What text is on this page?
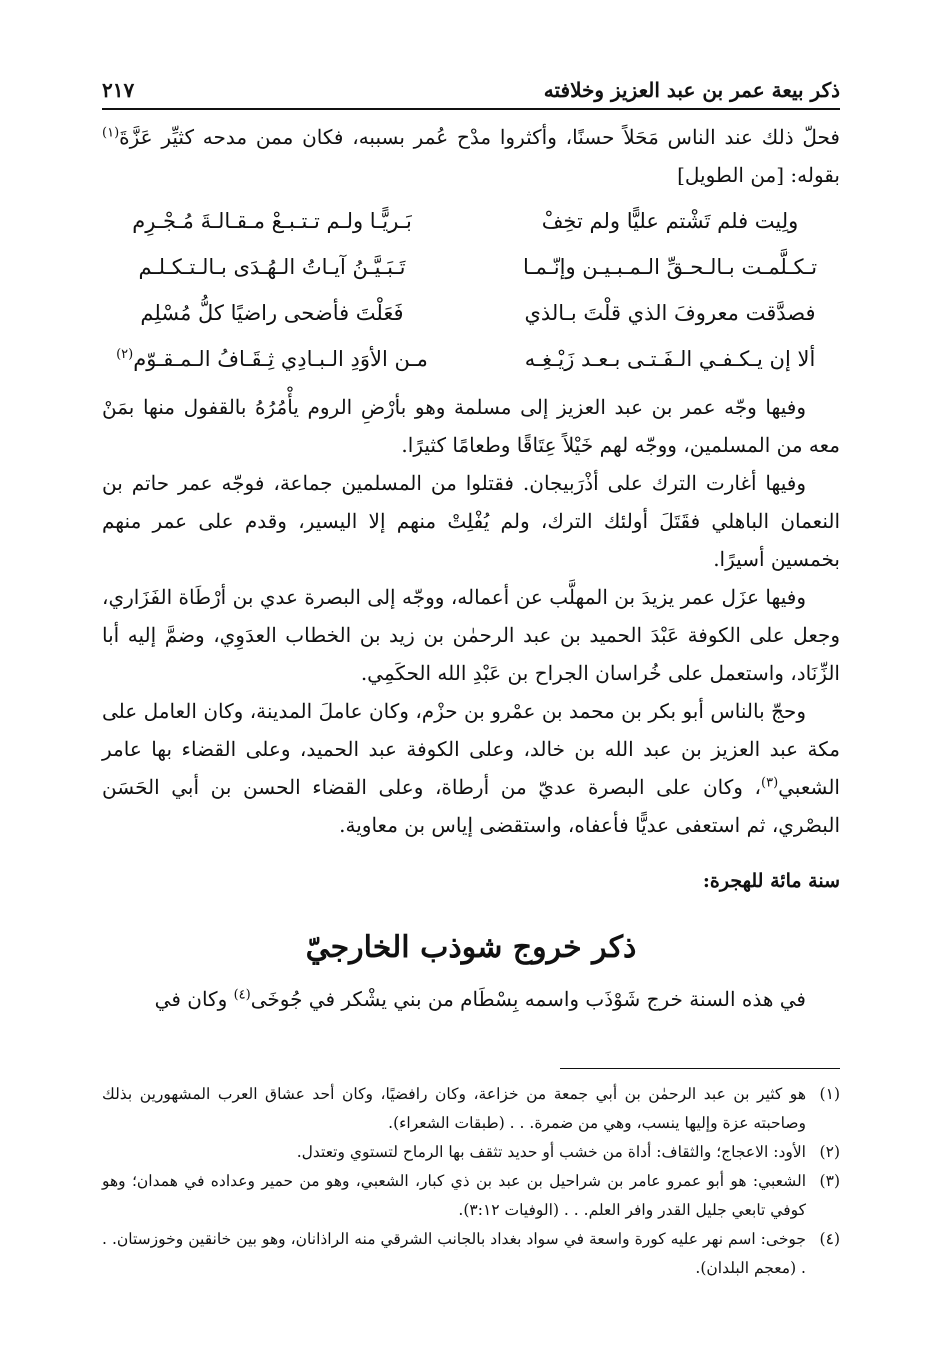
ذكر بيعة عمر بن عبد العزيز وخلافته
٢١٧

فحلّ ذلك عند الناس مَحَلاً حسنًا، وأكثروا مدْح عُمر بسببه، فكان ممن مدحه كثيِّر عَزَّةَ$^{(١)}$ بقوله: [من الطويل]

ولِيت فلم تَشْتم عليًّا ولم تخِفْ
بَـريًّـا ولـم تـتـبـعْ مـقـالـةَ مُـجْـرِم
تـكـلَّمـت بـالـحـقِّ الـمـبـيـن وإنّـمـا
تَـبَـيَّـنُ آيـاتُ الـهُـدَى بـالـتـكـلـم
فصدَّقت معروفَ الذي قلْتَ بـالذي
فَعَلْتَ فأضحى راضيًا كلُّ مُسْلِم
ألا إن يـكـفـي الـفَـتـى بـعـد زَيْـغِـه
مـن الأوَدِ الـبـادِي ثِـقَـافُ الـمـقـوّم$^{(٢)}$

وفيها وجّه عمر بن عبد العزيز إلى مسلمة وهو بأرْضِ الروم يأْمُرُهُ بالقفول منها بمَنْ معه من المسلمين، ووجّه لهم خَيْلاً عِتَاقًا وطعامًا كثيرًا.

وفيها أغارت الترك على أذْرَبيجان. فقتلوا من المسلمين جماعة، فوجّه عمر حاتم بن النعمان الباهلي فقَتَلَ أولئك الترك، ولم يُفْلِتْ منهم إلا اليسير، وقدم على عمر منهم بخمسين أسيرًا.

وفيها عزَل عمر يزيدَ بن المهلَّب عن أعماله، ووجّه إلى البصرة عدي بن أرْطَاة الفَزَاري، وجعل على الكوفة عَبْدَ الحميد بن عبد الرحمٰن بن زيد بن الخطاب العدَوِي، وضمَّ إليه أبا الزِّنَاد، واستعمل على خُراسان الجراح بن عَبْدِ الله الحكَمِي.

وحجّ بالناس أبو بكر بن محمد بن عمْرو بن حزْم، وكان عاملَ المدينة، وكان العامل على مكة عبد العزيز بن عبد الله بن خالد، وعلى الكوفة عبد الحميد، وعلى القضاء بها عامر الشعبي$^{(٣)}$، وكان على البصرة عديّ من أرطاة، وعلى القضاء الحسن بن أبي الحَسَن البصْري، ثم استعفى عديًّا فأعفاه، واستقضى إياس بن معاوية.

سنة مائة للهجرة:

ذكر خروج شوذب الخارجيّ

في هذه السنة خرج شَوْذَب واسمه بِسْطَام من بني يشْكر في جُوخَى$^{(٤)}$ وكان في

(١)
هو كثير بن عبد الرحمٰن بن أبي جمعة من خزاعة، وكان رافضيًا، وكان أحد عشاق العرب المشهورين بذلك وصاحبته عزة وإليها ينسب، وهي من ضمرة. . . (طبقات الشعراء).
(٢)
الأود: الاعجاج؛ والثقاف: أداة من خشب أو حديد تثقف بها الرماح لتستوي وتعتدل.
(٣)
الشعبي: هو أبو عمرو عامر بن شراحيل بن عبد بن ذي كبار، الشعبي، وهو من حمير وعداده في همدان؛ وهو كوفي تابعي جليل القدر وافر العلم. . . (الوفيات ٣:١٢).
(٤)
جوخى: اسم نهر عليه كورة واسعة في سواد بغداد بالجانب الشرقي منه الراذانان، وهو بين خانقين وخوزستان. . . (معجم البلدان).
